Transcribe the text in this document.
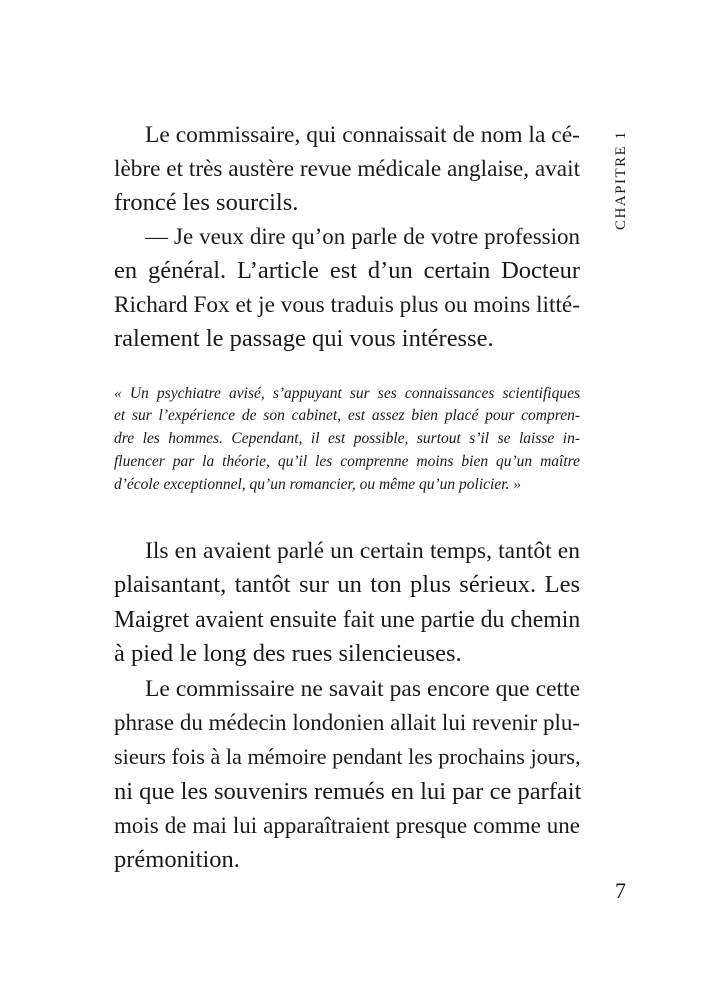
CHAPITRE 1
Le commissaire, qui connaissait de nom la cé-
lèbre et très austère revue médicale anglaise, avait
froncé les sourcils.
— Je veux dire qu’on parle de votre profession
en général. L’article est d’un certain Docteur
Richard Fox et je vous traduis plus ou moins litté-
ralement le passage qui vous intéresse.
« Un psychiatre avisé, s’appuyant sur ses connaissances scientifiques
et sur l’expérience de son cabinet, est assez bien placé pour compren-
dre les hommes. Cependant, il est possible, surtout s’il se laisse in-
fluencer par la théorie, qu’il les comprenne moins bien qu’un maître
d’école exceptionnel, qu’un romancier, ou même qu’un policier. »
Ils en avaient parlé un certain temps, tantôt en
plaisantant, tantôt sur un ton plus sérieux. Les
Maigret avaient ensuite fait une partie du chemin
à pied le long des rues silencieuses.
Le commissaire ne savait pas encore que cette
phrase du médecin londonien allait lui revenir plu-
sieurs fois à la mémoire pendant les prochains jours,
ni que les souvenirs remués en lui par ce parfait
mois de mai lui apparaîtraient presque comme une
prémonition.
7
